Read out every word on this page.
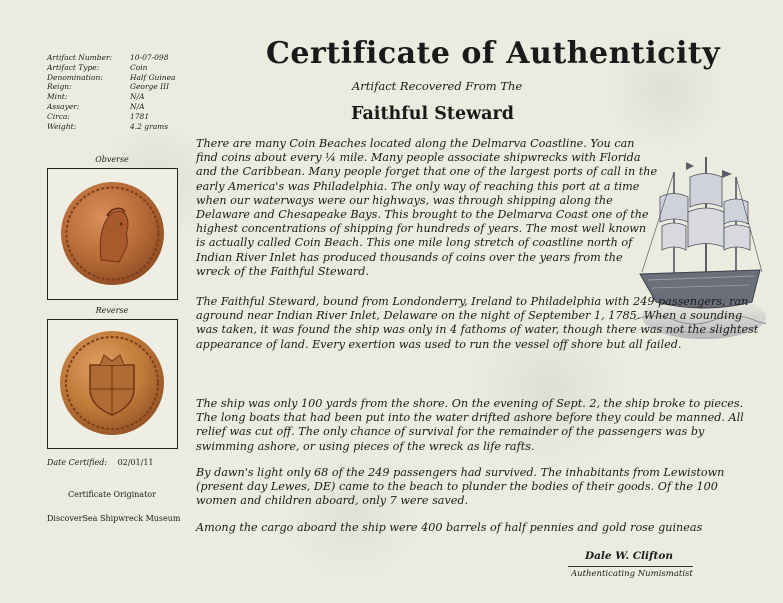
Artifact Number:	10-07-098
Artifact Type:	Coin
Denomination:	Half Guinea
Reign:	George III
Mint:	N/A
Assayer:	N/A
Circa:	1781
Weight:	4.2 grams
Certificate of Authenticity
Artifact Recovered From The
Faithful Steward
Obverse
Reverse
Date Certified: 02/01/11
Certificate Originator
DiscoverSea Shipwreck Museum

There are many Coin Beaches located along the Delmarva Coastline. You can find coins about every ¼ mile. Many people associate shipwrecks with Florida and the Caribbean. Many people forget that one of the largest ports of call in the early America's was Philadelphia. The only way of reaching this port at a time when our waterways were our highways, was through shipping along the Delaware and Chesapeake Bays. This brought to the Delmarva Coast one of the highest concentrations of shipping for hundreds of years. The most well known is actually called Coin Beach. This one mile long stretch of coastline north of Indian River Inlet has produced thousands of coins over the years from the wreck of the Faithful Steward.

The Faithful Steward, bound from Londonderry, Ireland to Philadelphia with 249 passengers, ran aground near Indian River Inlet, Delaware on the night of September 1, 1785. When a sounding was taken, it was found the ship was only in 4 fathoms of water, though there was not the slightest appearance of land. Every exertion was used to run the vessel off shore but all failed.

The ship was only 100 yards from the shore. On the evening of Sept. 2, the ship broke to pieces. The long boats that had been put into the water drifted ashore before they could be manned. All relief was cut off. The only chance of survival for the remainder of the passengers was by swimming ashore, or using pieces of the wreck as life rafts.

By dawn's light only 68 of the 249 passengers had survived. The inhabitants from Lewistown (present day Lewes, DE) came to the beach to plunder the bodies of their goods. Of the 100 women and children aboard, only 7 were saved.

Among the cargo aboard the ship were 400 barrels of half pennies and gold rose guineas

Dale W. Clifton
Authenticating Numismatist
